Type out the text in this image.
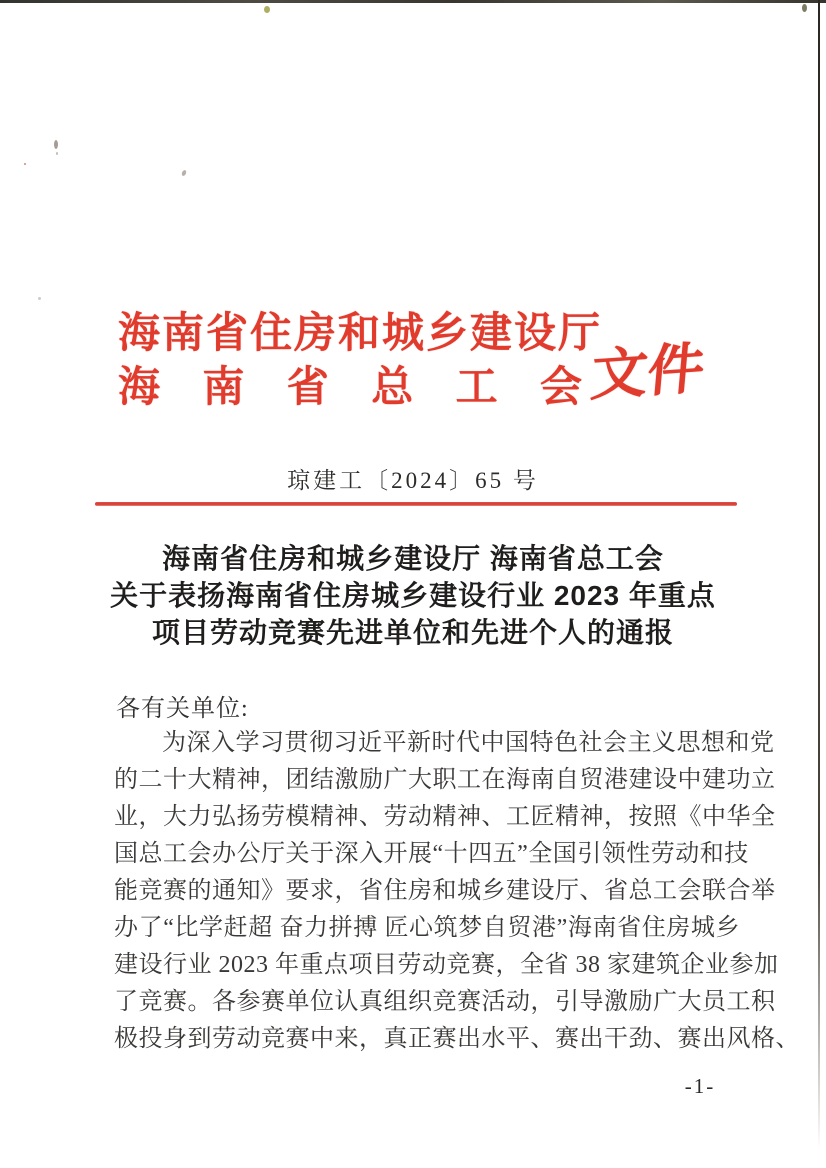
海南省住房和城乡建设厅
海南省总工会 文件
琼建工〔2024〕65 号
海南省住房和城乡建设厅 海南省总工会
关于表扬海南省住房城乡建设行业 2023 年重点
项目劳动竞赛先进单位和先进个人的通报
各有关单位:
为深入学习贯彻习近平新时代中国特色社会主义思想和党
的二十大精神，团结激励广大职工在海南自贸港建设中建功立
业，大力弘扬劳模精神、劳动精神、工匠精神，按照《中华全
国总工会办公厅关于深入开展“十四五”全国引领性劳动和技
能竞赛的通知》要求，省住房和城乡建设厅、省总工会联合举
办了“比学赶超 奋力拼搏 匠心筑梦自贸港”海南省住房城乡
建设行业 2023 年重点项目劳动竞赛，全省 38 家建筑企业参加
了竞赛。各参赛单位认真组织竞赛活动，引导激励广大员工积
极投身到劳动竞赛中来，真正赛出水平、赛出干劲、赛出风格、
-1-
